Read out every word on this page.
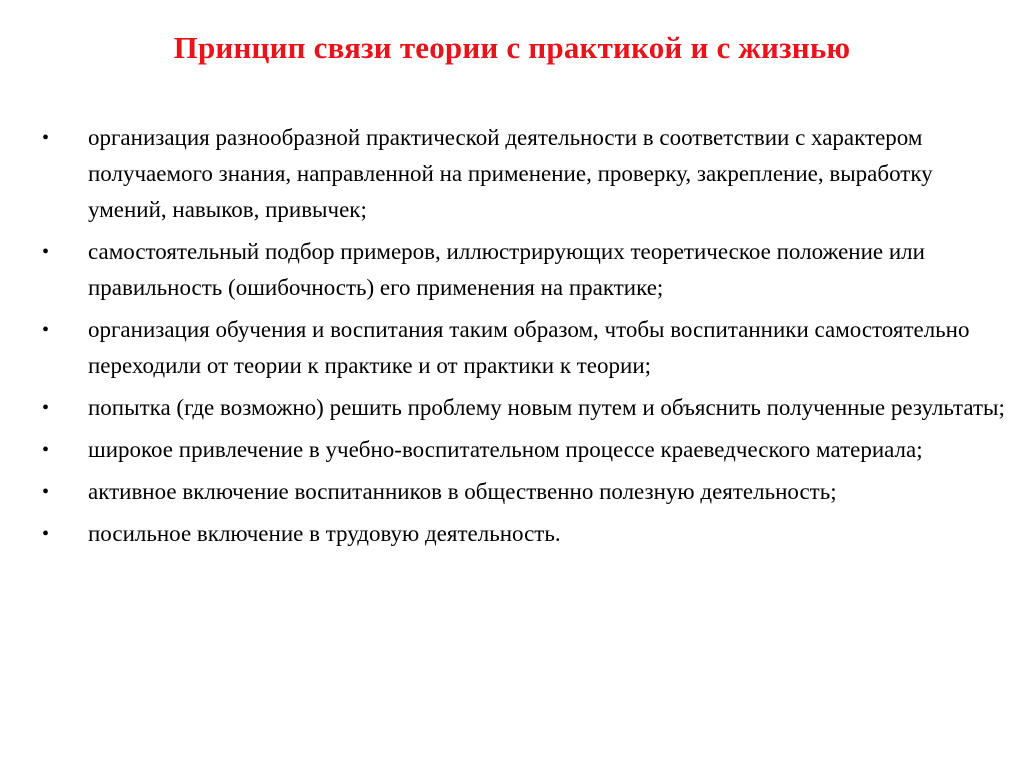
Принцип связи теории с практикой и с жизнью
• организация разнообразной практической деятельности в соответствии с характером получаемого знания, направленной на применение, проверку, закрепление, выработку умений, навыков, привычек;
• самостоятельный подбор примеров, иллюстрирующих теоретическое положение или правильность (ошибочность) его применения на практике;
• организация обучения и воспитания таким образом, чтобы воспитанники самостоятельно переходили от теории к практике и от практики к теории;
• попытка (где возможно) решить проблему новым путем и объяснить полученные результаты;
• широкое привлечение в учебно-воспитательном процессе краеведческого материала;
• активное включение воспитанников в общественно полезную деятельность;
• посильное включение в трудовую деятельность.
